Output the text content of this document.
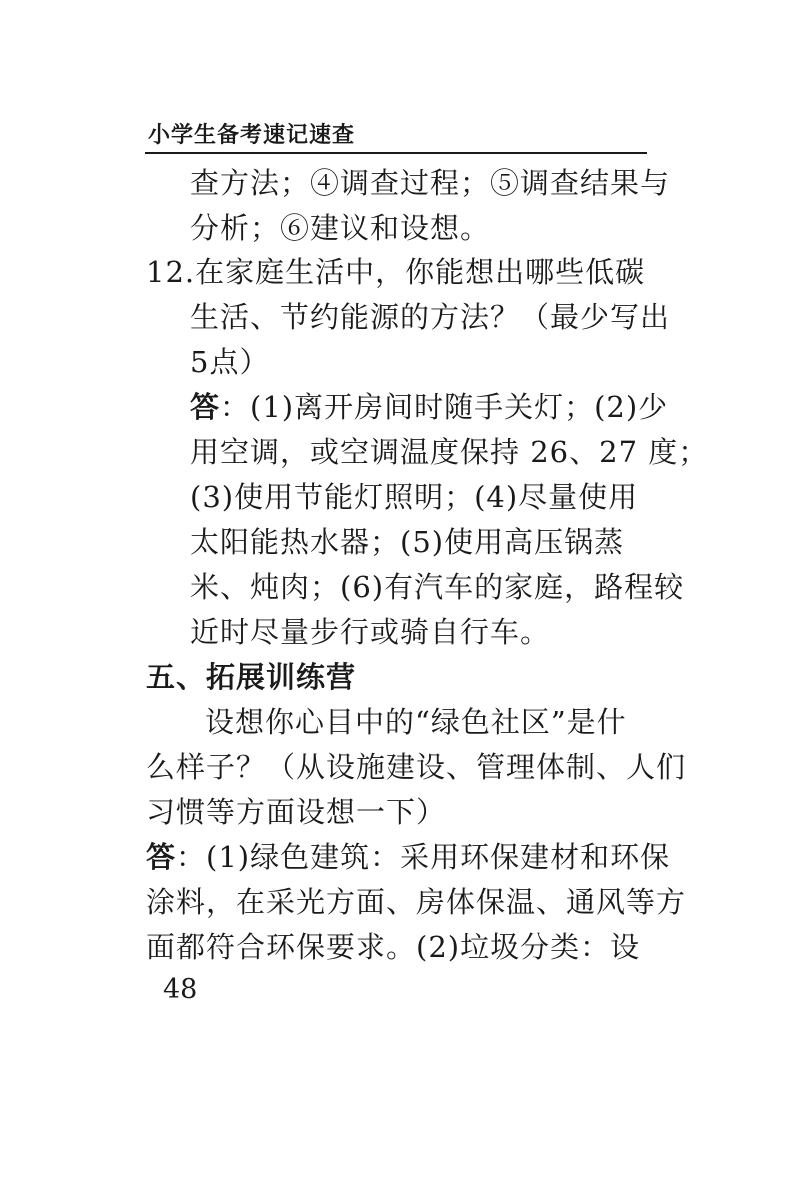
小学生备考速记速查
查方法；④调查过程；⑤调查结果与
分析；⑥建议和设想。
12.在家庭生活中，你能想出哪些低碳
生活、节约能源的方法？（最少写出
5点）
答：(1)离开房间时随手关灯；(2)少
用空调，或空调温度保持 26、27 度；
(3)使用节能灯照明；(4)尽量使用
太阳能热水器；(5)使用高压锅蒸
米、炖肉；(6)有汽车的家庭，路程较
近时尽量步行或骑自行车。
五、拓展训练营
设想你心目中的“绿色社区”是什
么样子？（从设施建设、管理体制、人们
习惯等方面设想一下）
答：(1)绿色建筑：采用环保建材和环保
涂料，在采光方面、房体保温、通风等方
面都符合环保要求。(2)垃圾分类：设
48
